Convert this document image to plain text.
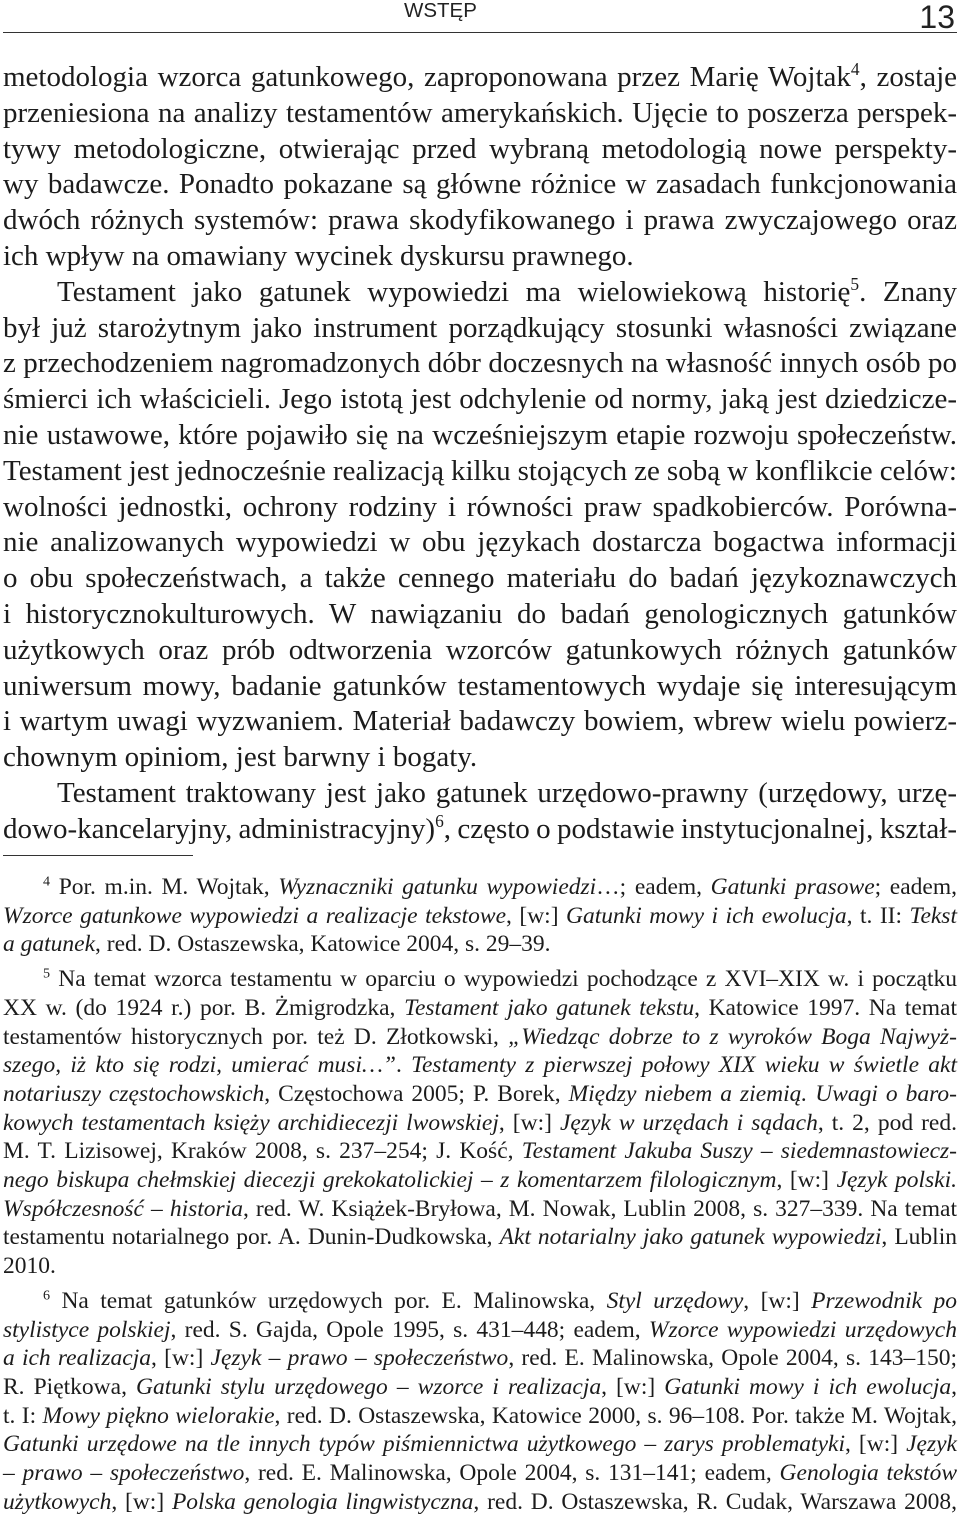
WSTĘP	13
metodologia wzorca gatunkowego, zaproponowana przez Marię Wojtak$^4$, zostaje
przeniesiona na analizy testamentów amerykańskich. Ujęcie to poszerza perspek-
tywy metodologiczne, otwierając przed wybraną metodologią nowe perspekty-
wy badawcze. Ponadto pokazane są główne różnice w zasadach funkcjonowania
dwóch różnych systemów: prawa skodyfikowanego i prawa zwyczajowego oraz
ich wpływ na omawiany wycinek dyskursu prawnego.
Testament jako gatunek wypowiedzi ma wielowiekową historię$^5$. Znany
był już starożytnym jako instrument porządkujący stosunki własności związane
z przechodzeniem nagromadzonych dóbr doczesnych na własność innych osób po
śmierci ich właścicieli. Jego istotą jest odchylenie od normy, jaką jest dziedzicze-
nie ustawowe, które pojawiło się na wcześniejszym etapie rozwoju społeczeństw.
Testament jest jednocześnie realizacją kilku stojących ze sobą w konflikcie celów:
wolności jednostki, ochrony rodziny i równości praw spadkobierców. Porówna-
nie analizowanych wypowiedzi w obu językach dostarcza bogactwa informacji
o obu społeczeństwach, a także cennego materiału do badań językoznawczych
i historycznokulturowych. W nawiązaniu do badań genologicznych gatunków
użytkowych oraz prób odtworzenia wzorców gatunkowych różnych gatunków
uniwersum mowy, badanie gatunków testamentowych wydaje się interesującym
i wartym uwagi wyzwaniem. Materiał badawczy bowiem, wbrew wielu powierz-
chownym opiniom, jest barwny i bogaty.
Testament traktowany jest jako gatunek urzędowo-prawny (urzędowy, urzę-
dowo-kancelaryjny, administracyjny)$^6$, często o podstawie instytucjonalnej, kształ-
$^4$ Por. m.in. M. Wojtak, Wyznaczniki gatunku wypowiedzi…; eadem, Gatunki prasowe; eadem,
Wzorce gatunkowe wypowiedzi a realizacje tekstowe, [w:] Gatunki mowy i ich ewolucja, t. II: Tekst
a gatunek, red. D. Ostaszewska, Katowice 2004, s. 29–39.
$^5$ Na temat wzorca testamentu w oparciu o wypowiedzi pochodzące z XVI–XIX w. i początku
XX w. (do 1924 r.) por. B. Żmigrodzka, Testament jako gatunek tekstu, Katowice 1997. Na temat
testamentów historycznych por. też D. Złotkowski, „Wiedząc dobrze to z wyroków Boga Najwyż-
szego, iż kto się rodzi, umierać musi…”. Testamenty z pierwszej połowy XIX wieku w świetle akt
notariuszy częstochowskich, Częstochowa 2005; P. Borek, Między niebem a ziemią. Uwagi o baro-
kowych testamentach księży archidiecezji lwowskiej, [w:] Język w urzędach i sądach, t. 2, pod red.
M. T. Lizisowej, Kraków 2008, s. 237–254; J. Kość, Testament Jakuba Suszy – siedemnastowiecz-
nego biskupa chełmskiej diecezji grekokatolickiej – z komentarzem filologicznym, [w:] Język polski.
Współczesność – historia, red. W. Książek-Bryłowa, M. Nowak, Lublin 2008, s. 327–339. Na temat
testamentu notarialnego por. A. Dunin-Dudkowska, Akt notarialny jako gatunek wypowiedzi, Lublin
2010.
$^6$ Na temat gatunków urzędowych por. E. Malinowska, Styl urzędowy, [w:] Przewodnik po
stylistyce polskiej, red. S. Gajda, Opole 1995, s. 431–448; eadem, Wzorce wypowiedzi urzędowych
a ich realizacja, [w:] Język – prawo – społeczeństwo, red. E. Malinowska, Opole 2004, s. 143–150;
R. Piętkowa, Gatunki stylu urzędowego – wzorce i realizacja, [w:] Gatunki mowy i ich ewolucja,
t. I: Mowy piękno wielorakie, red. D. Ostaszewska, Katowice 2000, s. 96–108. Por. także M. Wojtak,
Gatunki urzędowe na tle innych typów piśmiennictwa użytkowego – zarys problematyki, [w:] Język
– prawo – społeczeństwo, red. E. Malinowska, Opole 2004, s. 131–141; eadem, Genologia tekstów
użytkowych, [w:] Polska genologia lingwistyczna, red. D. Ostaszewska, R. Cudak, Warszawa 2008,
